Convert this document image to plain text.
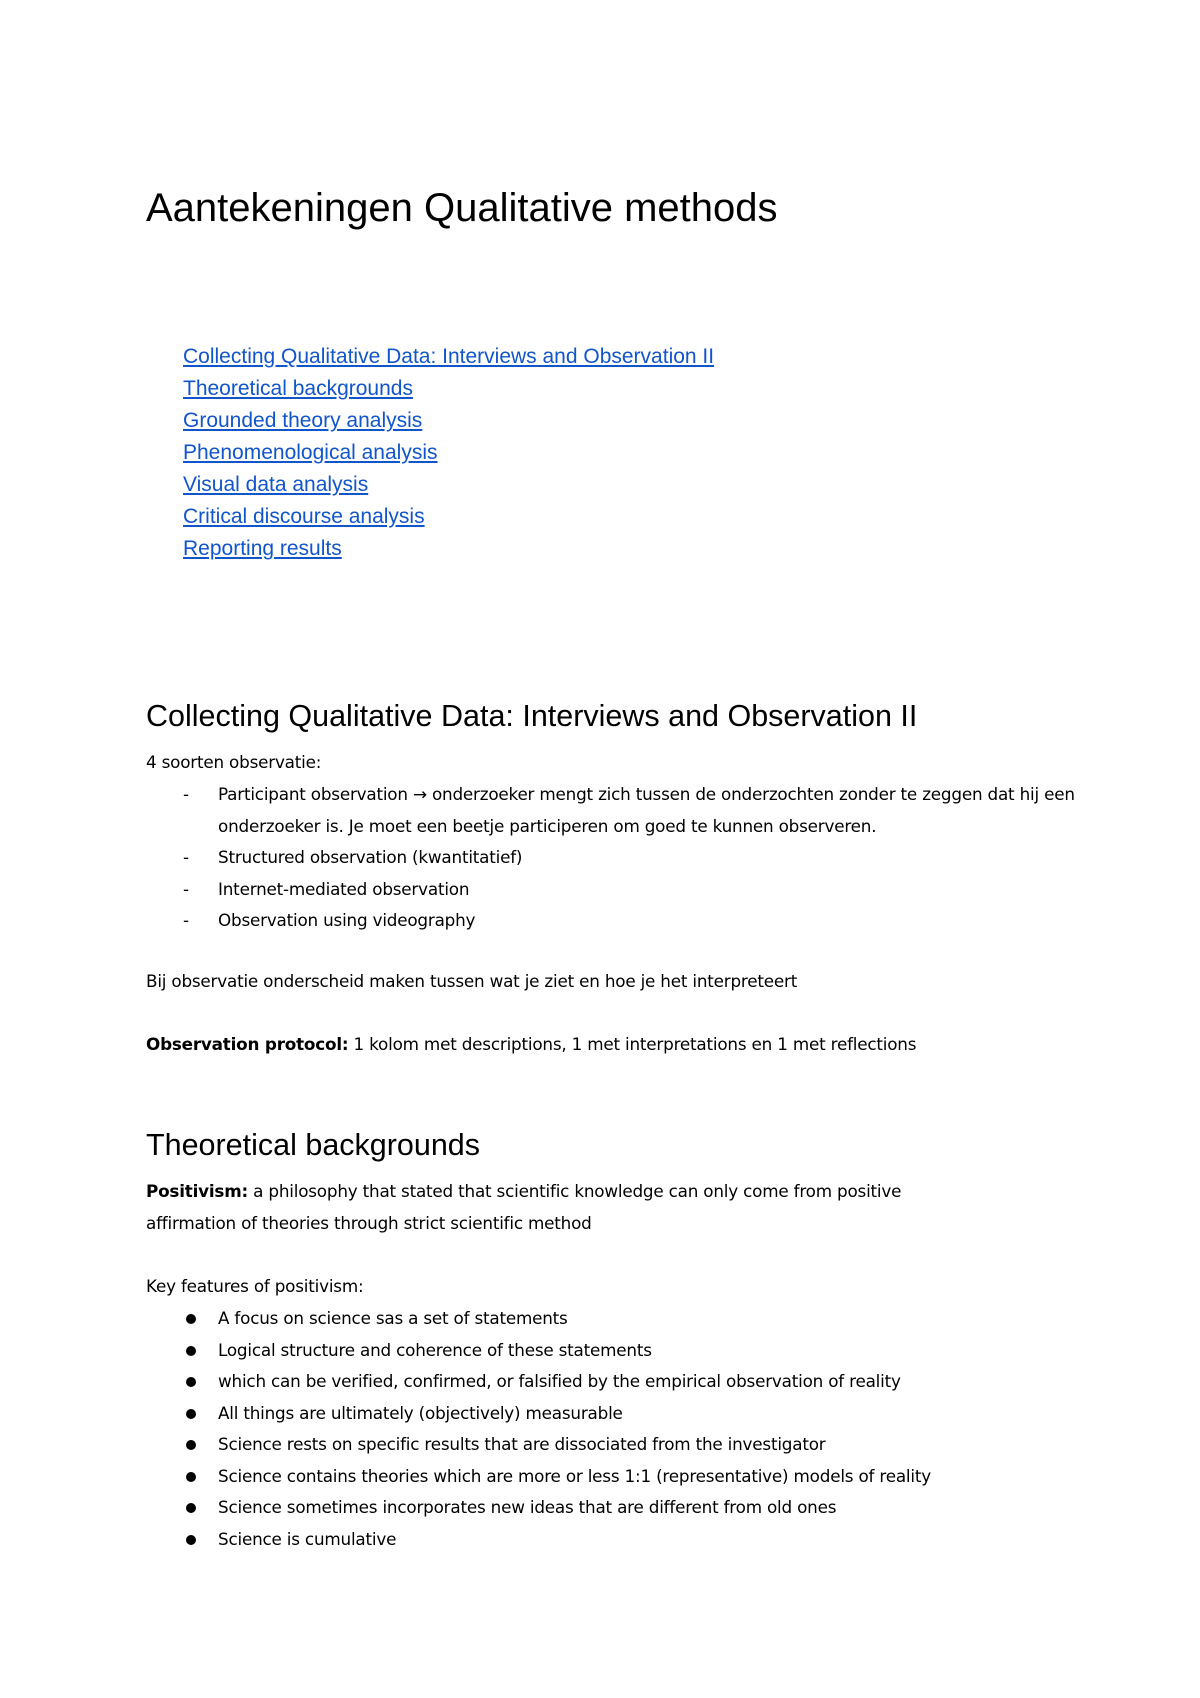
Aantekeningen Qualitative methods
Collecting Qualitative Data: Interviews and Observation II
Theoretical backgrounds
Grounded theory analysis
Phenomenological analysis
Visual data analysis
Critical discourse analysis
Reporting results
Collecting Qualitative Data: Interviews and Observation II

4 soorten observatie:

- Participant observation → onderzoeker mengt zich tussen de onderzochten zonder te zeggen dat hij een onderzoeker is. Je moet een beetje participeren om goed te kunnen observeren.
- Structured observation (kwantitatief)
- Internet-mediated observation
- Observation using videography

Bij observatie onderscheid maken tussen wat je ziet en hoe je het interpreteert

Observation protocol: 1 kolom met descriptions, 1 met interpretations en 1 met reflections

Theoretical backgrounds

Positivism: a philosophy that stated that scientific knowledge can only come from positive affirmation of theories through strict scientific method

Key features of positivism:

A focus on science sas a set of statements
Logical structure and coherence of these statements
which can be verified, confirmed, or falsified by the empirical observation of reality
All things are ultimately (objectively) measurable
Science rests on specific results that are dissociated from the investigator
Science contains theories which are more or less 1:1 (representative) models of reality
Science sometimes incorporates new ideas that are different from old ones
Science is cumulative
